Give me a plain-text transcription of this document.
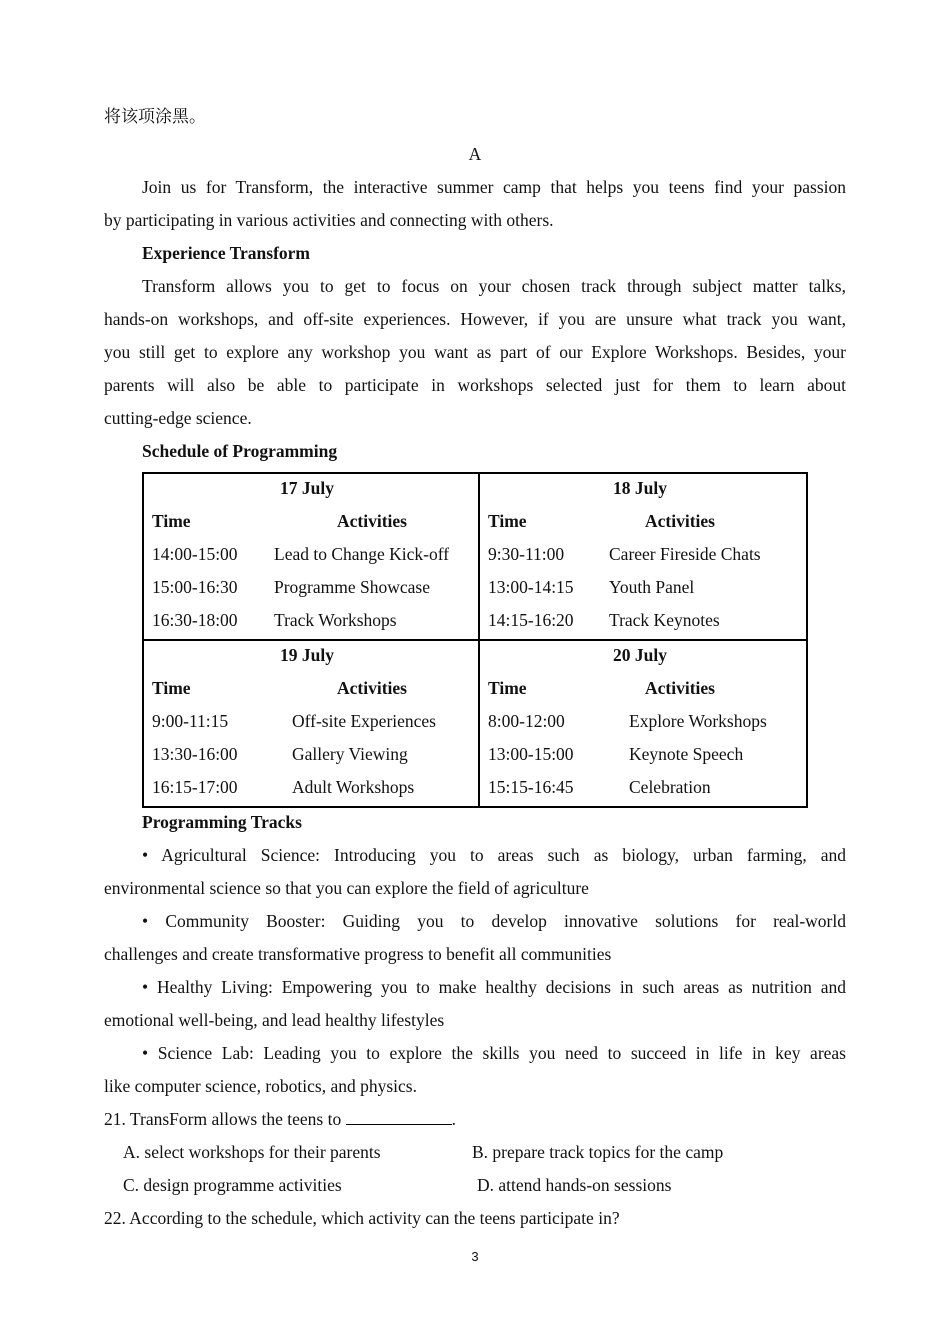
将该项涂黑。
A
Join us for Transform, the interactive summer camp that helps you teens find your passion
by participating in various activities and connecting with others.
Experience Transform
Transform allows you to get to focus on your chosen track through subject matter talks,
hands-on workshops, and off-site experiences. However, if you are unsure what track you want,
you still get to explore any workshop you want as part of our Explore Workshops. Besides, your
parents will also be able to participate in workshops selected just for them to learn about
cutting-edge science.
Schedule of Programming
17 July
Time	Activities
14:00-15:00 Lead to Change Kick-off
15:00-16:30 Programme Showcase
16:30-18:00 Track Workshops
18 July
Time	Activities
9:30-11:00	Career Fireside Chats
13:00-14:15 Youth Panel
14:15-16:20 Track Keynotes
19 July
Time	Activities
9:00-11:15	Off-site Experiences
13:30-16:00	Gallery Viewing
16:15-17:00	Adult Workshops
20 July
Time	Activities
8:00-12:00	Explore Workshops
13:00-15:00	Keynote Speech
15:15-16:45	Celebration
Programming Tracks
• Agricultural Science: Introducing you to areas such as biology, urban farming, and
environmental science so that you can explore the field of agriculture
• Community Booster: Guiding you to develop innovative solutions for real-world
challenges and create transformative progress to benefit all communities
• Healthy Living: Empowering you to make healthy decisions in such areas as nutrition and
emotional well-being, and lead healthy lifestyles
• Science Lab: Leading you to explore the skills you need to succeed in life in key areas
like computer science, robotics, and physics.
21. TransForm allows the teens to	.
A. select workshops for their parents	B. prepare track topics for the camp
C. design programme activities	D. attend hands-on sessions
22. According to the schedule, which activity can the teens participate in?
3
